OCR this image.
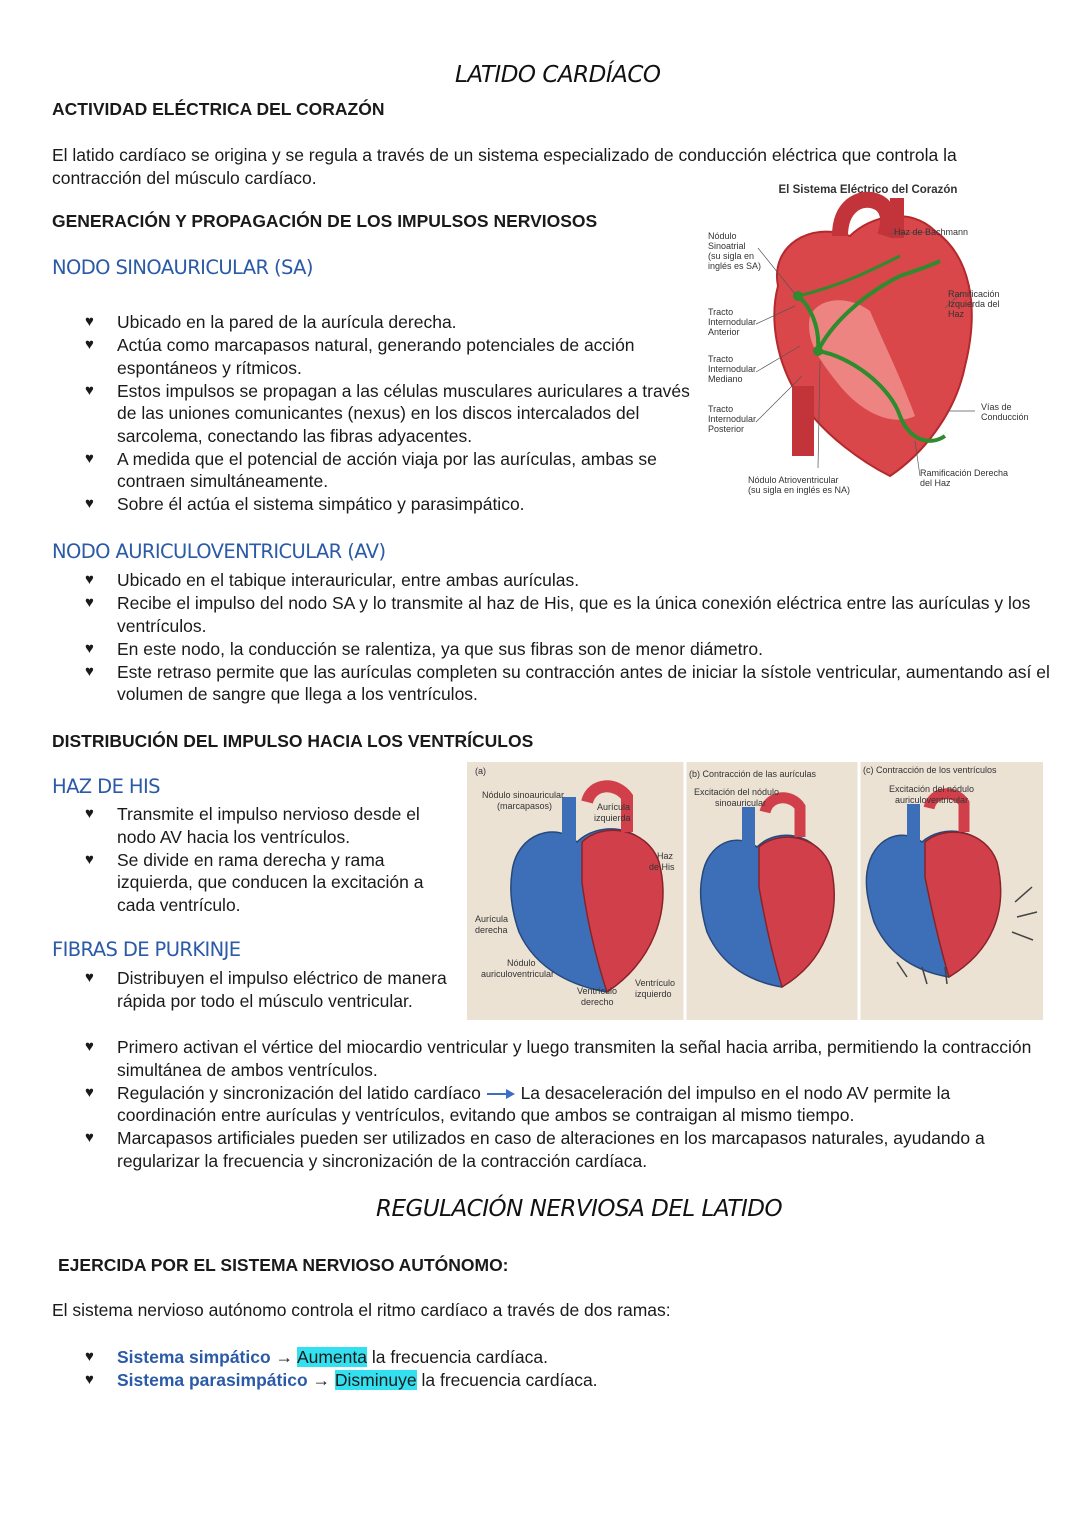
LATIDO CARDÍACO
ACTIVIDAD ELÉCTRICA DEL CORAZÓN
El latido cardíaco se origina y se regula a través de un sistema especializado de conducción eléctrica que controla la contracción del músculo cardíaco.
GENERACIÓN Y PROPAGACIÓN DE LOS IMPULSOS NERVIOSOS
NODO SINOAURICULAR (SA)
♥ Ubicado en la pared de la aurícula derecha.
♥ Actúa como marcapasos natural, generando potenciales de acción espontáneos y rítmicos.
♥ Estos impulsos se propagan a las células musculares auriculares a través de las uniones comunicantes (nexus) en los discos intercalados del sarcolema, conectando las fibras adyacentes.
♥ A medida que el potencial de acción viaja por las aurículas, ambas se contraen simultáneamente.
♥ Sobre él actúa el sistema simpático y parasimpático.
El Sistema Eléctrico del Corazón
Nódulo
Sinoatrial
(su sigla en
inglés es SA)
Haz de Bachmann
Ramificación
Izquierda del
Haz
Tracto
Internodular
Anterior
Tracto
Internodular
Mediano
Tracto
Internodular
Posterior
Vías de
Conducción
Nódulo Atrioventricular
(su sigla en inglés es NA)
Ramificación Derecha
del Haz
NODO AURICULOVENTRICULAR (AV)
♥ Ubicado en el tabique interauricular, entre ambas aurículas.
♥ Recibe el impulso del nodo SA y lo transmite al haz de His, que es la única conexión eléctrica entre las aurículas y los ventrículos.
♥ En este nodo, la conducción se ralentiza, ya que sus fibras son de menor diámetro.
♥ Este retraso permite que las aurículas completen su contracción antes de iniciar la sístole ventricular, aumentando así el volumen de sangre que llega a los ventrículos.
DISTRIBUCIÓN DEL IMPULSO HACIA LOS VENTRÍCULOS
HAZ DE HIS
♥ Transmite el impulso nervioso desde el nodo AV hacia los ventrículos.
♥ Se divide en rama derecha y rama izquierda, que conducen la excitación a cada ventrículo.
(a)
Nódulo sinoauricular
(marcapasos)	Aurícula
izquierda
Haz
de His
Aurícula
derecha
Nódulo
auriculoventricular
Ventrículo
derecho
Ventrículo
izquierdo
(b) Contracción de las aurículas
Excitación del nódulo
sinoauricular
(c) Contracción de los ventrículos
Excitación del nódulo
auriculoventricular
FIBRAS DE PURKINJE
♥ Distribuyen el impulso eléctrico de manera rápida por todo el músculo ventricular.
♥ Primero activan el vértice del miocardio ventricular y luego transmiten la señal hacia arriba, permitiendo la contracción simultánea de ambos ventrículos.
♥ Regulación y sincronización del latido cardíaco La desaceleración del impulso en el nodo AV permite la coordinación entre aurículas y ventrículos, evitando que ambos se contraigan al mismo tiempo.
♥ Marcapasos artificiales pueden ser utilizados en caso de alteraciones en los marcapasos naturales, ayudando a regularizar la frecuencia y sincronización de la contracción cardíaca.
REGULACIÓN NERVIOSA DEL LATIDO
EJERCIDA POR EL SISTEMA NERVIOSO AUTÓNOMO:
El sistema nervioso autónomo controla el ritmo cardíaco a través de dos ramas:
♥ Sistema simpático → Aumenta la frecuencia cardíaca.
♥ Sistema parasimpático → Disminuye la frecuencia cardíaca.
